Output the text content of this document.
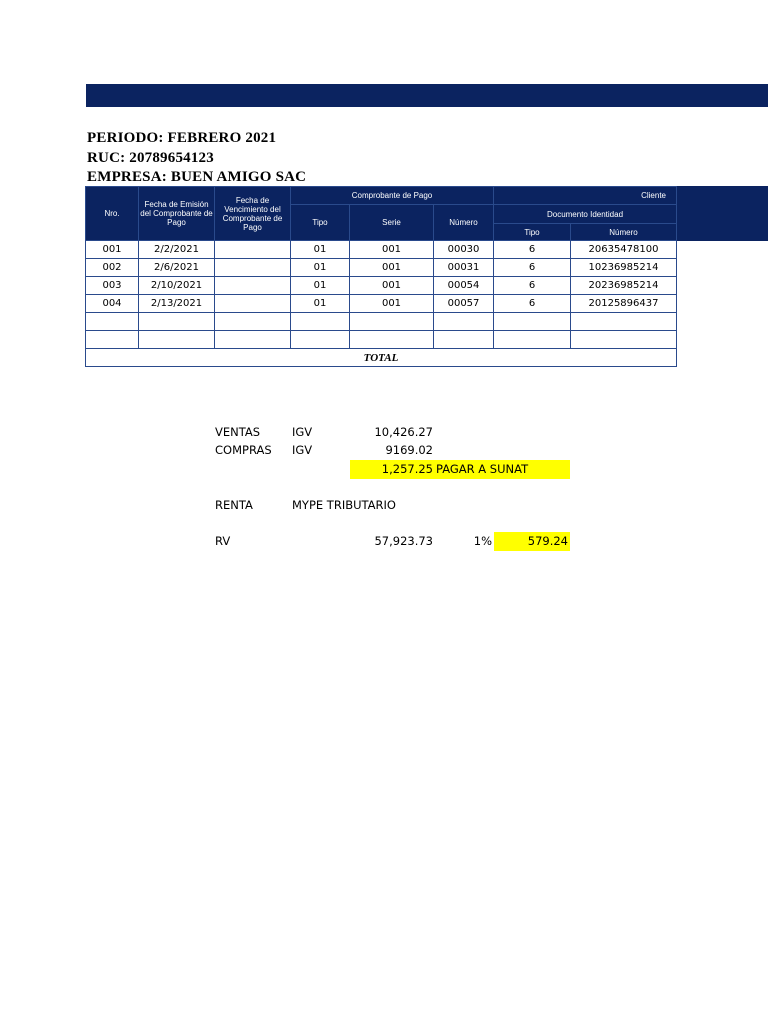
PERIODO: FEBRERO 2021
RUC: 20789654123
EMPRESA: BUEN AMIGO SAC
Nro.	Fecha de Emisión del Comprobante de Pago	Fecha de Vencimiento del Comprobante de Pago	Comprobante de Pago			Cliente	
			Tipo	Serie	Número	Documento Identidad	
						Tipo	Número
001	2/2/2021		01	001	00030	6	20635478100
002	2/6/2021		01	001	00031	6	10236985214
003	2/10/2021		01	001	00054	6	20236985214
004	2/13/2021		01	001	00057	6	20125896437

TOTAL							
VENTAS	IGV	10,426.27
COMPRAS IGV	9169.02
1,257.25 PAGAR A SUNAT
RENTA	MYPE TRIBUTARIO
RV	57,923.73	1%	579.24
